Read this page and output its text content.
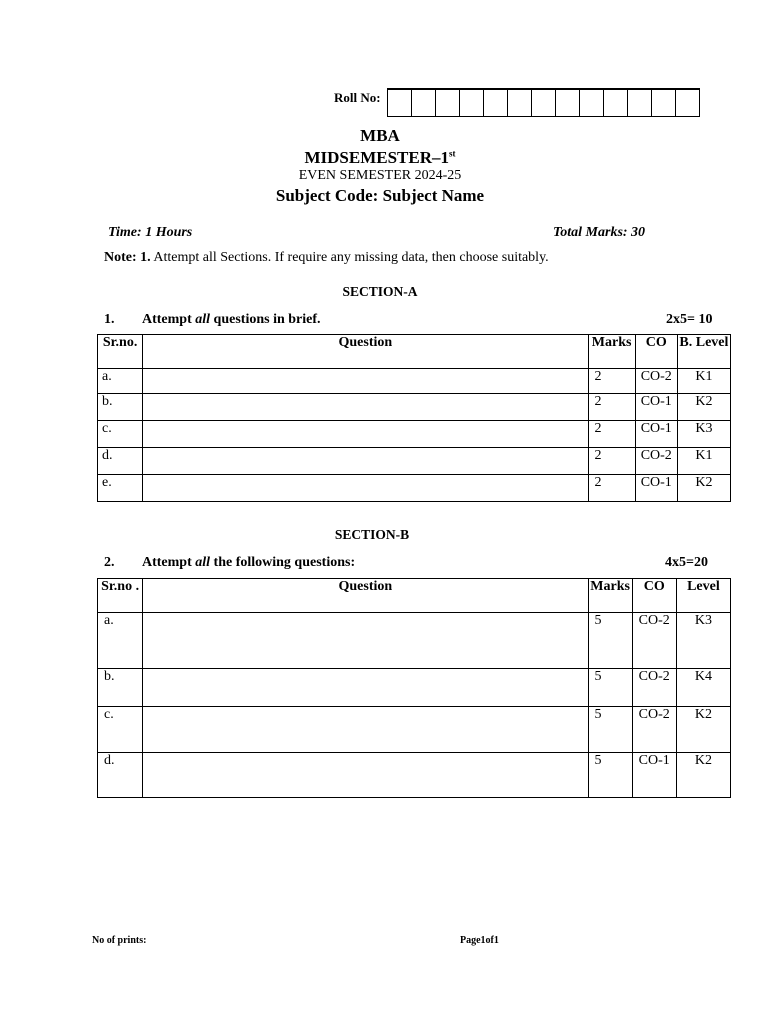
Roll No:
MBA
MIDSEMESTER–1st
EVEN SEMESTER 2024-25
Subject Code: Subject Name
Time: 1 Hours	Total Marks: 30
Note: 1. Attempt all Sections. If require any missing data, then choose suitably.
SECTION-A
1. Attempt all questions in brief.	2x5= 10
Sr.no.	Question	Marks	CO	B. Level
a.		2	CO-2	K1
b.		2	CO-1	K2
c.		2	CO-1	K3
d.		2	CO-2	K1
e.		2	CO-1	K2
SECTION-B
2. Attempt all the following questions:	4x5=20
Sr.no .	Question	Marks	CO	Level
a.		5	CO-2	K3
b.		5	CO-2	K4
c.		5	CO-2	K2
d.		5	CO-1	K2
No of prints:	Page1of1
